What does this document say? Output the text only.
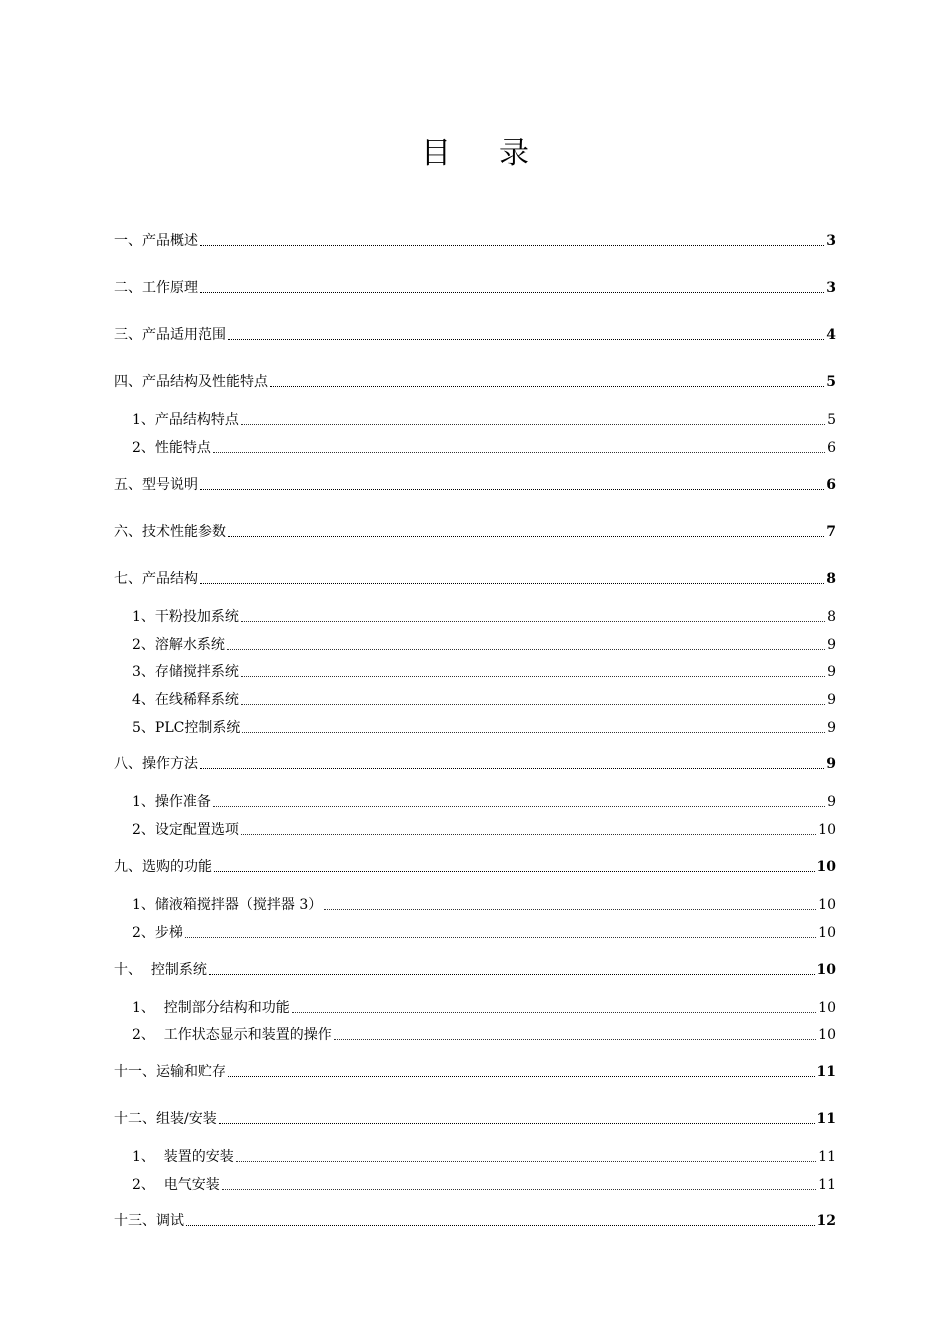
目 录
一、产品概述	3
二、工作原理	3
三、产品适用范围	4
四、产品结构及性能特点	5
1、产品结构特点	5
2、性能特点	6
五、型号说明	6
六、技术性能参数	7
七、产品结构	8
1、干粉投加系统	8
2、溶解水系统	9
3、存储搅拌系统	9
4、在线稀释系统	9
5、PLC控制系统	9
八、操作方法	9
1、操作准备	9
2、设定配置选项	10
九、选购的功能	10
1、储液箱搅拌器（搅拌器 3）	10
2、步梯	10
十、  控制系统	10
1、  控制部分结构和功能	10
2、  工作状态显示和装置的操作	10
十一、运输和贮存	11
十二、组装/安装	11
1、  装置的安装	11
2、  电气安装	11
十三、调试	12
